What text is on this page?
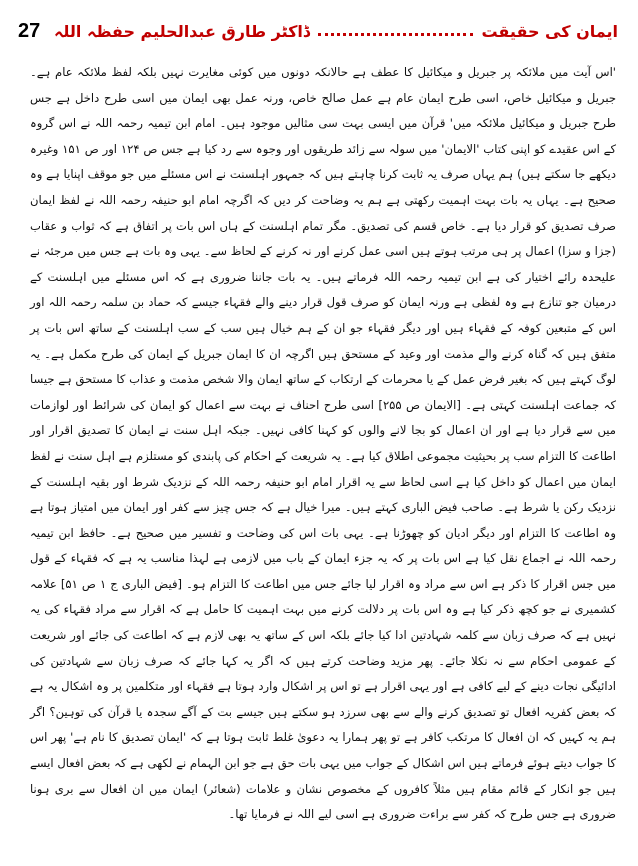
27	ایمان کی حقیقت
ڈاکٹر طارق عبدالحلیم حفظہ اللہ

'اس آیت میں ملائکہ پر جبریل و میکائیل کا عطف ہے حالانکہ دونوں میں کوئی مغایرت نہیں بلکہ لفظ ملائکہ عام ہے۔ جبریل و میکائیل خاص، اسی طرح ایمان عام ہے عمل صالح خاص، ورنہ عمل بھی ایمان میں اسی طرح داخل ہے جس طرح جبریل و میکائیل ملائکہ میں' قرآن میں ایسی بہت سی مثالیں موجود ہیں۔ امام ابن تیمیہ رحمہ اللہ نے اس گروہ کے اس عقیدے کو اپنی کتاب 'الایمان' میں سولہ سے زائد طریقوں اور وجوہ سے رد کیا ہے جس ص ۱۲۴ اور ص ۱۵۱ وغیرہ دیکھے جا سکتے ہیں) ہم یہاں صرف یہ ثابت کرنا چاہتے ہیں کہ جمہور اہلسنت نے اس مسئلے میں جو موقف اپنایا ہے وہ صحیح ہے۔ یہاں یہ بات بہت اہمیت رکھتی ہے ہم یہ وضاحت کر دیں کہ اگرچہ امام ابو حنیفہ رحمہ اللہ نے لفظ ایمان صرف تصدیق کو قرار دیا ہے۔ خاص قسم کی تصدیق۔ مگر تمام اہلسنت کے ہاں اس بات پر اتفاق ہے کہ ثواب و عقاب (جزا و سزا) اعمال پر ہی مرتب ہوتے ہیں اسی عمل کرنے اور نہ کرنے کے لحاظ سے۔ یہی وہ بات ہے جس میں مرجئہ نے علیحدہ رائے اختیار کی ہے ابن تیمیہ رحمہ اللہ فرماتے ہیں۔ یہ بات جاننا ضروری ہے کہ اس مسئلے میں اہلسنت کے درمیان جو تنازع ہے وہ لفظی ہے ورنہ ایمان کو صرف قول قرار دینے والے فقہاء جیسے کہ حماد بن سلمہ رحمہ اللہ اور اس کے متبعین کوفہ کے فقہاء ہیں اور دیگر فقہاء جو ان کے ہم خیال ہیں سب کے سب اہلسنت کے ساتھ اس بات پر متفق ہیں کہ گناہ کرنے والے مذمت اور وعید کے مستحق ہیں اگرچہ ان کا ایمان جبریل کے ایمان کی طرح مکمل ہے۔ یہ لوگ کہتے ہیں کہ بغیر فرض عمل کے یا محرمات کے ارتکاب کے ساتھ ایمان والا شخص مذمت و عذاب کا مستحق ہے جیسا کہ جماعت اہلسنت کہتی ہے۔ [الایمان ص ۲۵۵] اسی طرح احناف نے بہت سے اعمال کو ایمان کی شرائط اور لوازمات میں سے قرار دیا ہے اور ان اعمال کو بجا لانے والوں کو کہنا کافی نہیں۔ جبکہ اہل سنت نے ایمان کا تصدیق اقرار اور اطاعت کا التزام سب پر بحیثیت مجموعی اطلاق کیا ہے۔ یہ شریعت کے احکام کی پابندی کو مستلزم ہے اہل سنت نے لفظ ایمان میں اعمال کو داخل کیا ہے اسی لحاظ سے یہ اقرار امام ابو حنیفہ رحمہ اللہ کے نزدیک شرط اور بقیہ اہلسنت کے نزدیک رکن یا شرط ہے۔ صاحب فیض الباری کہتے ہیں۔ میرا خیال ہے کہ جس چیز سے کفر اور ایمان میں امتیاز ہوتا ہے وہ اطاعت کا التزام اور دیگر ادیان کو چھوڑنا ہے۔ یہی بات اس کی وضاحت و تفسیر میں صحیح ہے۔ حافظ ابن تیمیہ رحمہ اللہ نے اجماع نقل کیا ہے اس بات پر کہ یہ جزء ایمان کے باب میں لازمی ہے لہذا مناسب یہ ہے کہ فقہاء کے قول میں جس اقرار کا ذکر ہے اس سے مراد وہ اقرار لیا جائے جس میں اطاعت کا التزام ہو۔ [فیض الباری ج ۱ ص ۵۱] علامہ کشمیری نے جو کچھ ذکر کیا ہے وہ اس بات پر دلالت کرنے میں بہت اہمیت کا حامل ہے کہ اقرار سے مراد فقہاء کی یہ نہیں ہے کہ صرف زبان سے کلمہ شہادتین ادا کیا جائے بلکہ اس کے ساتھ یہ بھی لازم ہے کہ اطاعت کی جائے اور شریعت کے عمومی احکام سے نہ نکلا جائے۔ پھر مزید وضاحت کرتے ہیں کہ اگر یہ کہا جائے کہ صرف زبان سے شہادتین کی ادائیگی نجات دینے کے لیے کافی ہے اور یہی اقرار ہے تو اس پر اشکال وارد ہوتا ہے فقہاء اور متکلمین پر وہ اشکال یہ ہے کہ بعض کفریہ افعال تو تصدیق کرنے والے سے بھی سرزد ہو سکتے ہیں جیسے بت کے آگے سجدہ یا قرآن کی توہین؟ اگر ہم یہ کہیں کہ ان افعال کا مرتکب کافر ہے تو پھر ہمارا یہ دعویٰ غلط ثابت ہوتا ہے کہ 'ایمان تصدیق کا نام ہے' پھر اس کا جواب دیتے ہوئے فرماتے ہیں اس اشکال کے جواب میں یہی بات حق ہے جو ابن الہمام نے لکھی ہے کہ بعض افعال ایسے ہیں جو انکار کے قائم مقام ہیں مثلاً کافروں کے مخصوص نشان و علامات (شعائر) ایمان میں ان افعال سے بری ہونا ضروری ہے جس طرح کہ کفر سے براءت ضروری ہے اسی لیے اللہ نے فرمایا تھا۔
